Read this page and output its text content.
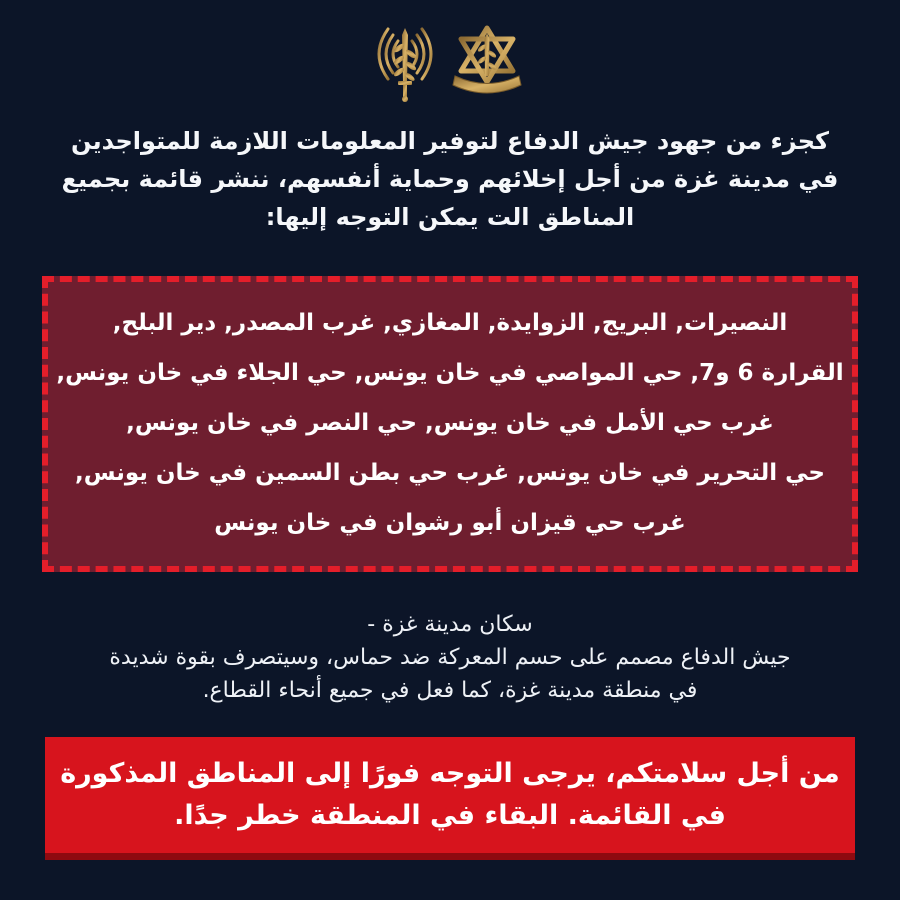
كجزء من جهود جيش الدفاع لتوفير المعلومات اللازمة للمتواجدين
في مدينة غزة من أجل إخلائهم وحماية أنفسهم، ننشر قائمة بجميع
المناطق الت يمكن التوجه إليها:
النصيرات, البريج, الزوايدة, المغازي, غرب المصدر, دير البلح,
القرارة 6 و7, حي المواصي في خان يونس, حي الجلاء في خان يونس,
غرب حي الأمل في خان يونس, حي النصر في خان يونس,
حي التحرير في خان يونس, غرب حي بطن السمين في خان يونس,
غرب حي قيزان أبو رشوان في خان يونس
سكان مدينة غزة -
جيش الدفاع مصمم على حسم المعركة ضد حماس، وسيتصرف بقوة شديدة
في منطقة مدينة غزة، كما فعل في جميع أنحاء القطاع.
من أجل سلامتكم، يرجى التوجه فورًا إلى المناطق المذكورة
في القائمة. البقاء في المنطقة خطر جدًا.
